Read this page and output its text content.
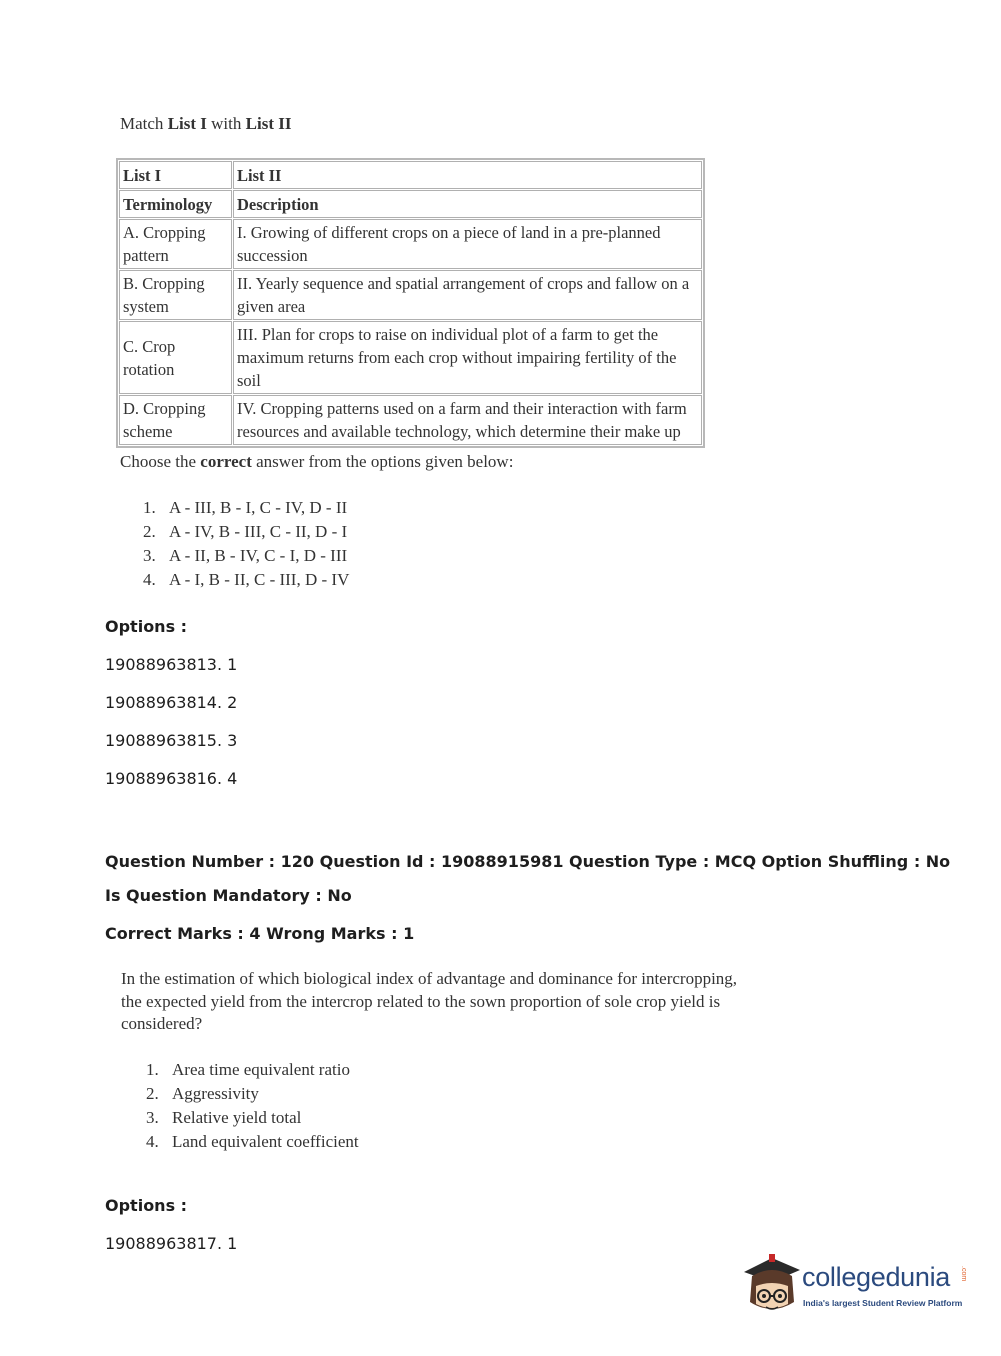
Match List I with List II
List I	List II
Terminology	Description
A. Cropping pattern	I. Growing of different crops on a piece of land in a pre-planned succession
B. Cropping system	II. Yearly sequence and spatial arrangement of crops and fallow on a given area
C. Crop rotation	III. Plan for crops to raise on individual plot of a farm to get the maximum returns from each crop without impairing fertility of the soil
D. Cropping scheme	IV. Cropping patterns used on a farm and their interaction with farm resources and available technology, which determine their make up
Choose the correct answer from the options given below:
1. A - III, B - I, C - IV, D - II
2. A - IV, B - III, C - II, D - I
3. A - II, B - IV, C - I, D - III
4. A - I, B - II, C - III, D - IV
Options :
19088963813. 1
19088963814. 2
19088963815. 3
19088963816. 4
Question Number : 120 Question Id : 19088915981 Question Type : MCQ Option Shuffling : No
Is Question Mandatory : No
Correct Marks : 4 Wrong Marks : 1
In the estimation of which biological index of advantage and dominance for intercropping, the expected yield from the intercrop related to the sown proportion of sole crop yield is considered?
1. Area time equivalent ratio
2. Aggressivity
3. Relative yield total
4. Land equivalent coefficient
Options :
19088963817. 1
collegedunia .com
India's largest Student Review Platform
